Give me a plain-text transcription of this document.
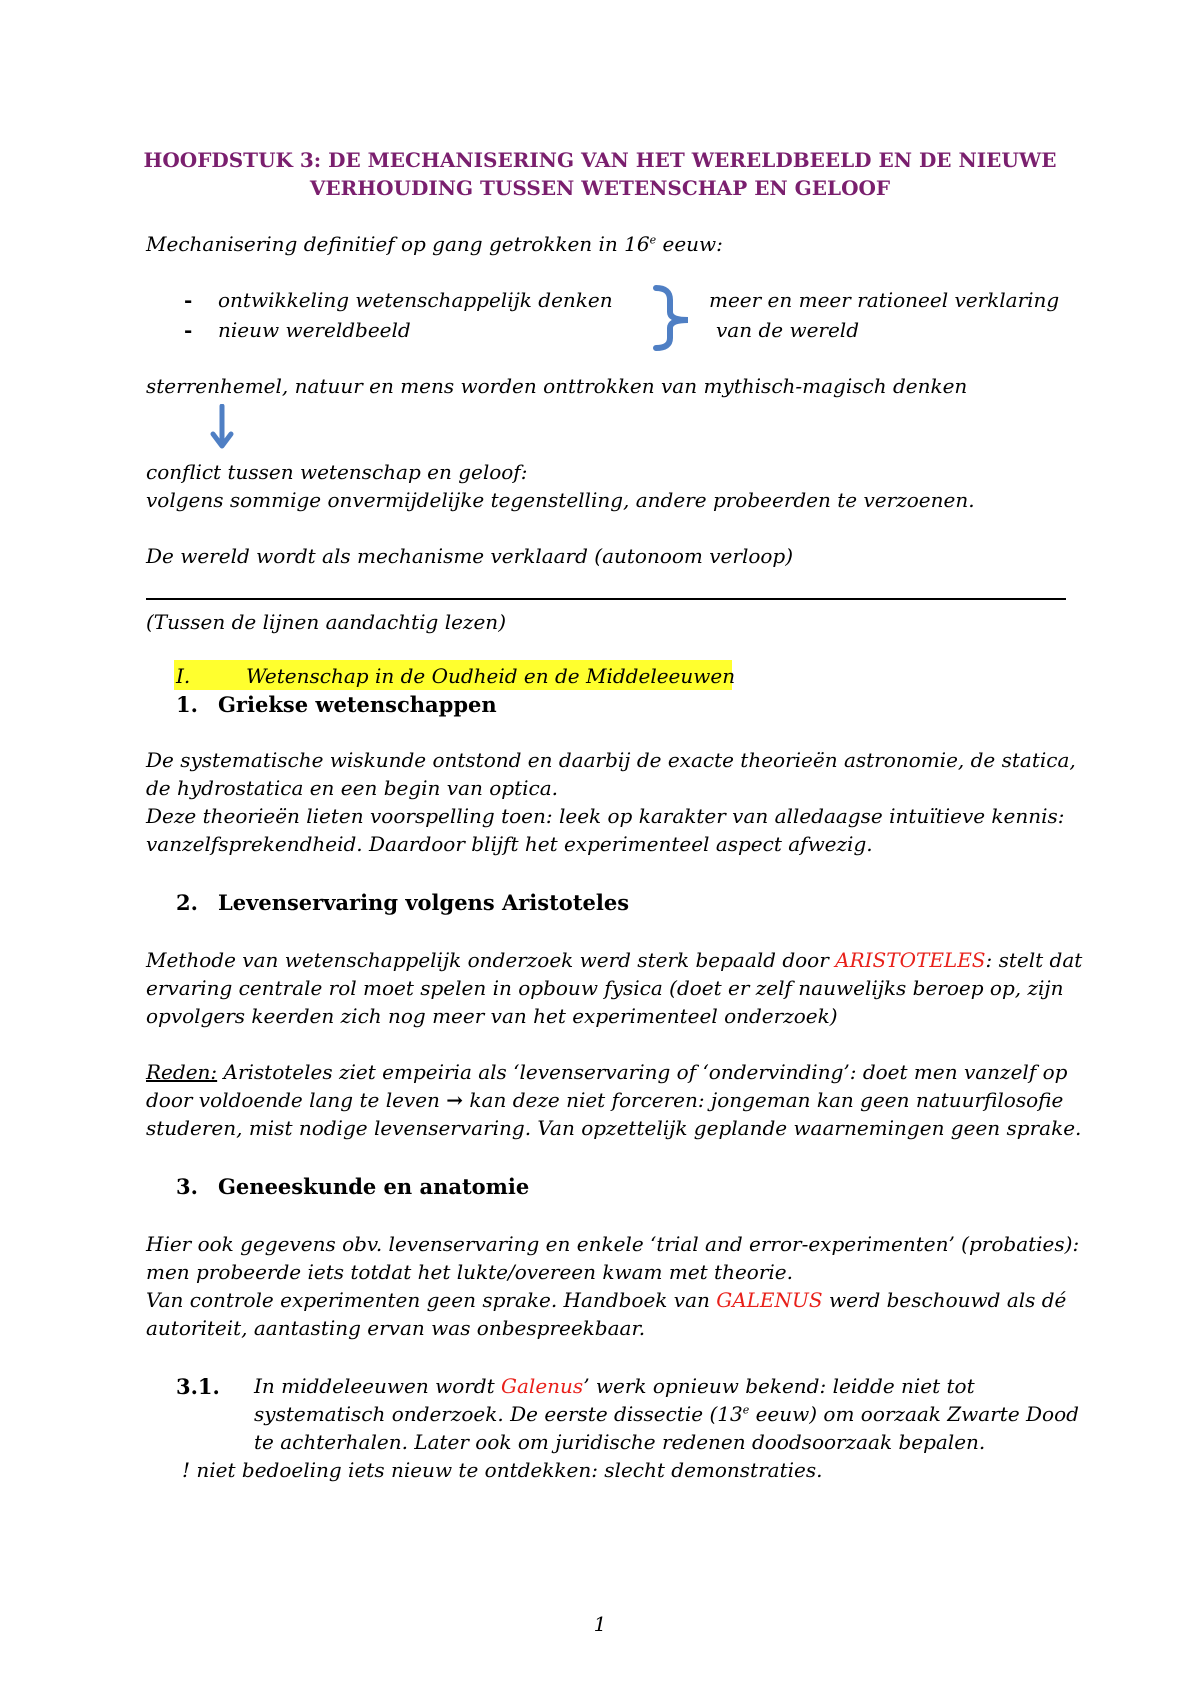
HOOFDSTUK 3: DE MECHANISERING VAN HET WERELDBEELD EN DE NIEUWE
VERHOUDING TUSSEN WETENSCHAP EN GELOOF
Mechanisering definitief op gang getrokken in 16e eeuw:
- ontwikkeling wetenschappelijk denken
- nieuw wereldbeeld
meer en meer rationeel verklaring
van de wereld
sterrenhemel, natuur en mens worden onttrokken van mythisch-magisch denken
conflict tussen wetenschap en geloof:
volgens sommige onvermijdelijke tegenstelling, andere probeerden te verzoenen.
De wereld wordt als mechanisme verklaard (autonoom verloop)
(Tussen de lijnen aandachtig lezen)
I.	Wetenschap in de Oudheid en de Middeleeuwen
1. Griekse wetenschappen
De systematische wiskunde ontstond en daarbij de exacte theorieën astronomie, de statica,
de hydrostatica en een begin van optica.
Deze theorieën lieten voorspelling toen: leek op karakter van alledaagse intuïtieve kennis:
vanzelfsprekendheid. Daardoor blijft het experimenteel aspect afwezig.
2. Levenservaring volgens Aristoteles
Methode van wetenschappelijk onderzoek werd sterk bepaald door ARISTOTELES: stelt dat
ervaring centrale rol moet spelen in opbouw fysica (doet er zelf nauwelijks beroep op, zijn
opvolgers keerden zich nog meer van het experimenteel onderzoek)
Reden: Aristoteles ziet empeiria als ‘levenservaring of ‘ondervinding’: doet men vanzelf op
door voldoende lang te leven → kan deze niet forceren: jongeman kan geen natuurfilosofie
studeren, mist nodige levenservaring. Van opzettelijk geplande waarnemingen geen sprake.
3. Geneeskunde en anatomie
Hier ook gegevens obv. levenservaring en enkele ‘trial and error-experimenten’ (probaties):
men probeerde iets totdat het lukte/overeen kwam met theorie.
Van controle experimenten geen sprake. Handboek van GALENUS werd beschouwd als dé
autoriteit, aantasting ervan was onbespreekbaar.
3.1. In middeleeuwen wordt Galenus’ werk opnieuw bekend: leidde niet tot
systematisch onderzoek. De eerste dissectie (13e eeuw) om oorzaak Zwarte Dood
te achterhalen. Later ook om juridische redenen doodsoorzaak bepalen.
! niet bedoeling iets nieuw te ontdekken: slecht demonstraties.
1
